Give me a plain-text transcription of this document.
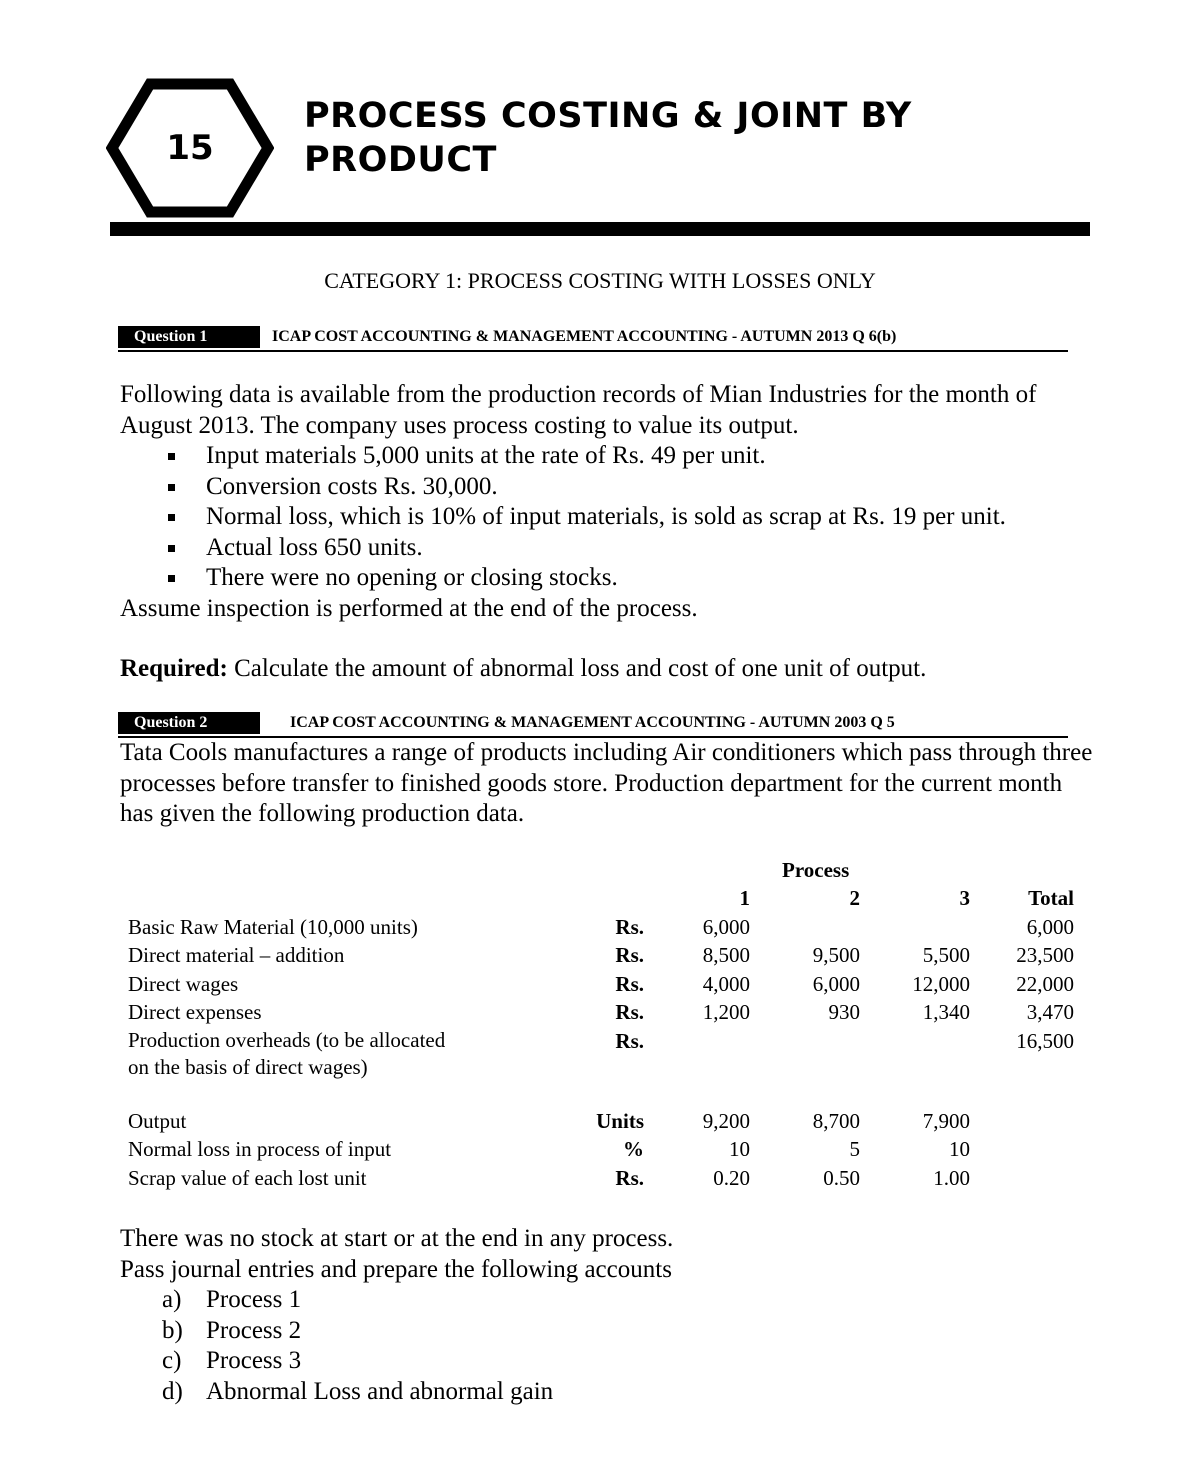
15
PROCESS COSTING & JOINT BY PRODUCT
CATEGORY 1: PROCESS COSTING WITH LOSSES ONLY
Question 1	ICAP COST ACCOUNTING & MANAGEMENT ACCOUNTING - AUTUMN 2013 Q 6(b)

Following data is available from the production records of Mian Industries for the month of August 2013. The company uses process costing to value its output.

Input materials 5,000 units at the rate of Rs. 49 per unit.
Conversion costs Rs. 30,000.
Normal loss, which is 10% of input materials, is sold as scrap at Rs. 19 per unit.
Actual loss 650 units.
There were no opening or closing stocks.

Assume inspection is performed at the end of the process.

Required: Calculate the amount of abnormal loss and cost of one unit of output.

Question 2	ICAP COST ACCOUNTING & MANAGEMENT ACCOUNTING - AUTUMN 2003 Q 5
Tata Cools manufactures a range of products including Air conditioners which pass through three processes before transfer to finished goods store. Production department for the current month has given the following production data.

		Process			

		1	2	3	Total
Basic Raw Material (10,000 units)	Rs.	6,000			6,000
Direct material – addition	Rs.	8,500	9,500	5,500	23,500
Direct wages	Rs.	4,000	6,000	12,000	22,000
Direct expenses	Rs.	1,200	930	1,340	3,470

Production overheads (to be allocated
on the basis of direct wages)	Rs.				16,500

Output	Units	9,200	8,700	7,900	
Normal loss in process of input	%	10	5	10	
Scrap value of each lost unit	Rs.	0.20	0.50	1.00	

There was no stock at start or at the end in any process.

Pass journal entries and prepare the following accounts

a) Process 1
b) Process 2
c) Process 3
d) Abnormal Loss and abnormal gain
